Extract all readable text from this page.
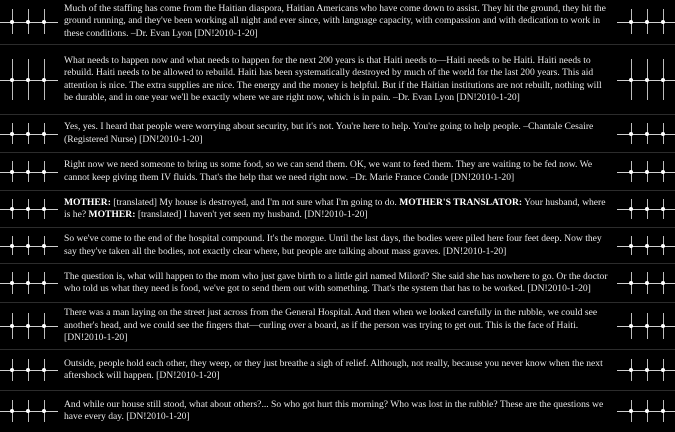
Much of the staffing has come from the Haitian diaspora, Haitian Americans who have come down to assist. They hit the ground, they hit the ground running, and they've been working all night and ever since, with language capacity, with compassion and with dedication to work in these conditions. –Dr. Evan Lyon [DN!2010-1-20]

What needs to happen now and what needs to happen for the next 200 years is that Haiti needs to—Haiti needs to be Haiti. Haiti needs to rebuild. Haiti needs to be allowed to rebuild. Haiti has been systematically destroyed by much of the world for the last 200 years. This aid attention is nice. The extra supplies are nice. The energy and the money is helpful. But if the Haitian institutions are not rebuilt, nothing will be durable, and in one year we'll be exactly where we are right now, which is in pain. –Dr. Evan Lyon [DN!2010-1-20]

Yes, yes. I heard that people were worrying about security, but it's not. You're here to help. You're going to help people. –Chantale Cesaire (Registered Nurse) [DN!2010-1-20]

Right now we need someone to bring us some food, so we can send them. OK, we want to feed them. They are waiting to be fed now. We cannot keep giving them IV fluids. That's the help that we need right now. –Dr. Marie France Conde [DN!2010-1-20]

MOTHER: [translated] My house is destroyed, and I'm not sure what I'm going to do. MOTHER'S TRANSLATOR: Your husband, where is he? MOTHER: [translated] I haven't yet seen my husband. [DN!2010-1-20]

So we've come to the end of the hospital compound. It's the morgue. Until the last days, the bodies were piled here four feet deep. Now they say they've taken all the bodies, not exactly clear where, but people are talking about mass graves. [DN!2010-1-20]

The question is, what will happen to the mom who just gave birth to a little girl named Milord? She said she has nowhere to go. Or the doctor who told us what they need is food, we've got to send them out with something. That's the system that has to be worked. [DN!2010-1-20]

There was a man laying on the street just across from the General Hospital. And then when we looked carefully in the rubble, we could see another's head, and we could see the fingers that—curling over a board, as if the person was trying to get out. This is the face of Haiti. [DN!2010-1-20]

Outside, people hold each other, they weep, or they just breathe a sigh of relief. Although, not really, because you never know when the next aftershock will happen. [DN!2010-1-20]

And while our house still stood, what about others?... So who got hurt this morning? Who was lost in the rubble? These are the questions we have every day. [DN!2010-1-20]
